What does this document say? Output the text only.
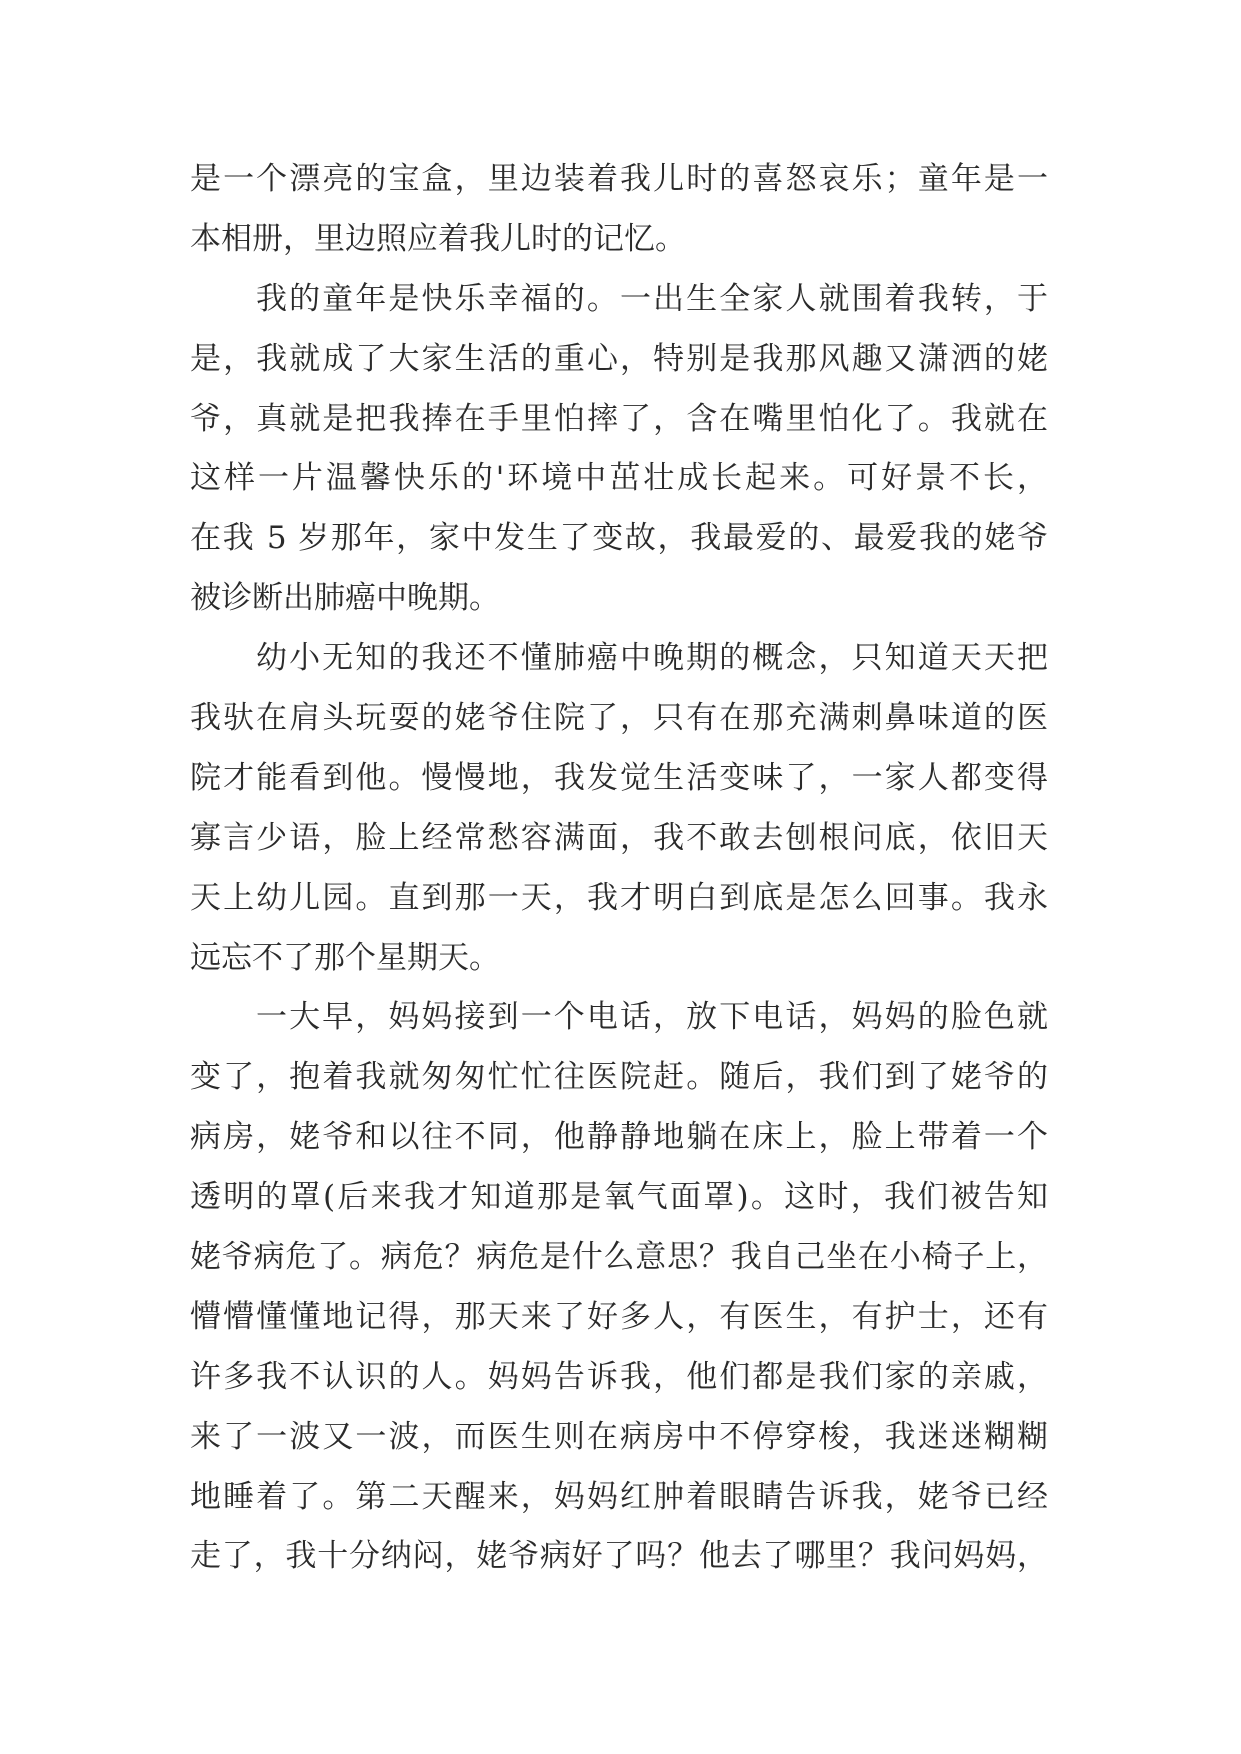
是一个漂亮的宝盒，里边装着我儿时的喜怒哀乐；童年是一
本相册，里边照应着我儿时的记忆。
我的童年是快乐幸福的。一出生全家人就围着我转，于
是，我就成了大家生活的重心，特别是我那风趣又潇洒的姥
爷，真就是把我捧在手里怕摔了，含在嘴里怕化了。我就在
这样一片温馨快乐的'环境中茁壮成长起来。可好景不长，
在我 5 岁那年，家中发生了变故，我最爱的、最爱我的姥爷
被诊断出肺癌中晚期。
幼小无知的我还不懂肺癌中晚期的概念，只知道天天把
我驮在肩头玩耍的姥爷住院了，只有在那充满刺鼻味道的医
院才能看到他。慢慢地，我发觉生活变味了，一家人都变得
寡言少语，脸上经常愁容满面，我不敢去刨根问底，依旧天
天上幼儿园。直到那一天，我才明白到底是怎么回事。我永
远忘不了那个星期天。
一大早，妈妈接到一个电话，放下电话，妈妈的脸色就
变了，抱着我就匆匆忙忙往医院赶。随后，我们到了姥爷的
病房，姥爷和以往不同，他静静地躺在床上，脸上带着一个
透明的罩(后来我才知道那是氧气面罩)。这时，我们被告知
姥爷病危了。病危？病危是什么意思？我自己坐在小椅子上，
懵懵懂懂地记得，那天来了好多人，有医生，有护士，还有
许多我不认识的人。妈妈告诉我，他们都是我们家的亲戚，
来了一波又一波，而医生则在病房中不停穿梭，我迷迷糊糊
地睡着了。第二天醒来，妈妈红肿着眼睛告诉我，姥爷已经
走了，我十分纳闷，姥爷病好了吗？他去了哪里？我问妈妈，
